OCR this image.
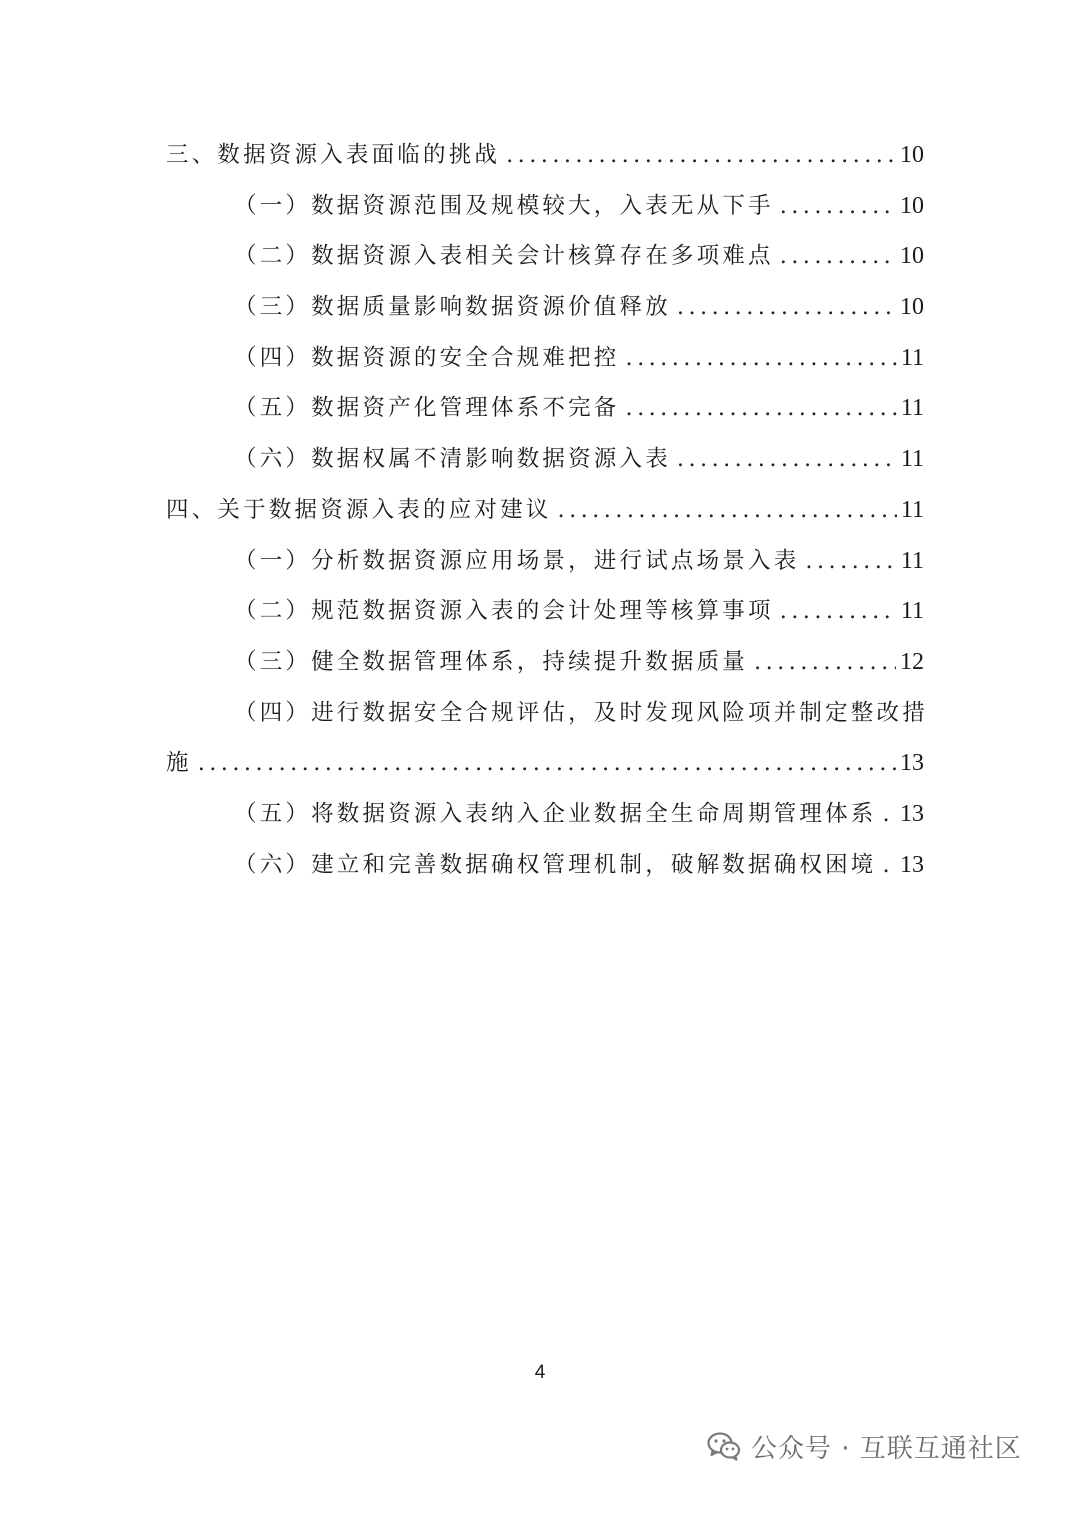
三、数据资源入表面临的挑战 .....	10
（一）数据资源范围及规模较大，入表无从下手 .....	10
（二）数据资源入表相关会计核算存在多项难点 .....	10
（三）数据质量影响数据资源价值释放 .....	10
（四）数据资源的安全合规难把控 .....	11
（五）数据资产化管理体系不完备 .....	11
（六）数据权属不清影响数据资源入表 .....	11
四、关于数据资源入表的应对建议 .....	11
（一）分析数据资源应用场景，进行试点场景入表 .....	11
（二）规范数据资源入表的会计处理等核算事项 .....	11
（三）健全数据管理体系，持续提升数据质量 .....	12
（四）进行数据安全合规评估，及时发现风险项并制定整改措
施 .....	13
（五）将数据资源入表纳入企业数据全生命周期管理体系 ..... 13
（六）建立和完善数据确权管理机制，破解数据确权困境 ..... 13
4
公众号 · 互联互通社区
